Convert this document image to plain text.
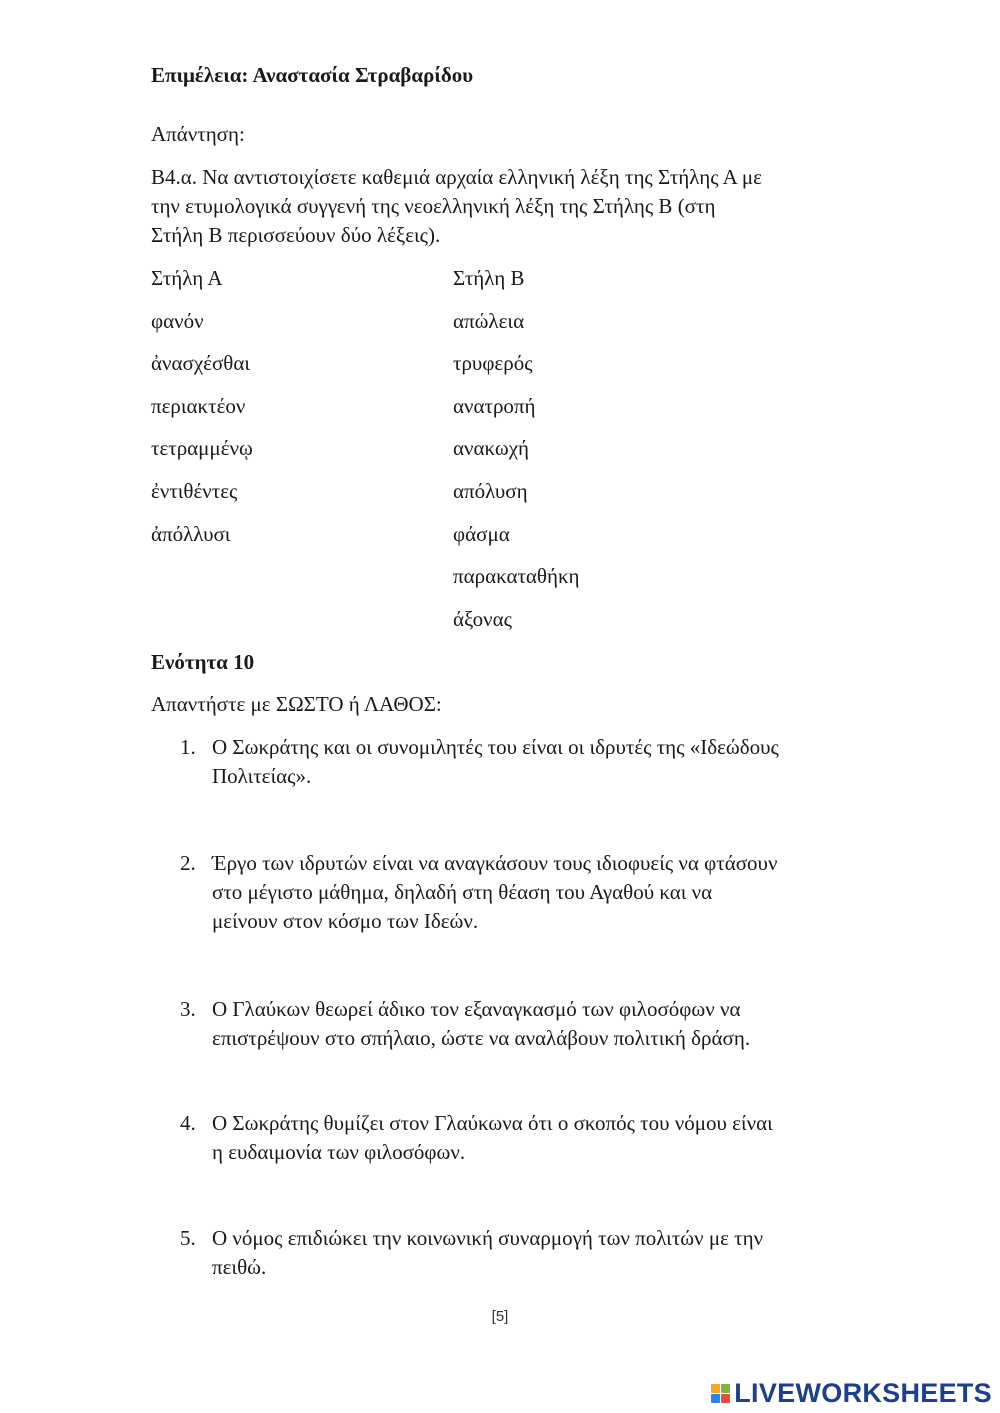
Επιμέλεια: Αναστασία Στραβαρίδου
Απάντηση:
Β4.α. Να αντιστοιχίσετε καθεμιά αρχαία ελληνική λέξη της Στήλης Α με
την ετυμολογικά συγγενή της νεοελληνική λέξη της Στήλης Β (στη
Στήλη Β περισσεύουν δύο λέξεις).
Στήλη Α	Στήλη Β
φανόν
ἀνασχέσθαι
περιακτέον
τετραμμένῳ
ἐντιθέντες
ἀπόλλυσι
απώλεια
τρυφερός
ανατροπή
ανακωχή
απόλυση
φάσμα
παρακαταθήκη
άξονας
Ενότητα 10
Απαντήστε με ΣΩΣΤΟ ή ΛΑΘΟΣ:
1. Ο Σωκράτης και οι συνομιλητές του είναι οι ιδρυτές της «Ιδεώδους
Πολιτείας».
2. Έργο των ιδρυτών είναι να αναγκάσουν τους ιδιοφυείς να φτάσουν
στο μέγιστο μάθημα, δηλαδή στη θέαση του Αγαθού και να
μείνουν στον κόσμο των Ιδεών.
3. Ο Γλαύκων θεωρεί άδικο τον εξαναγκασμό των φιλοσόφων να
επιστρέψουν στο σπήλαιο, ώστε να αναλάβουν πολιτική δράση.
4. Ο Σωκράτης θυμίζει στον Γλαύκωνα ότι ο σκοπός του νόμου είναι
η ευδαιμονία των φιλοσόφων.
5. Ο νόμος επιδιώκει την κοινωνική συναρμογή των πολιτών με την
πειθώ.
[5]
LIVEWORKSHEETS
